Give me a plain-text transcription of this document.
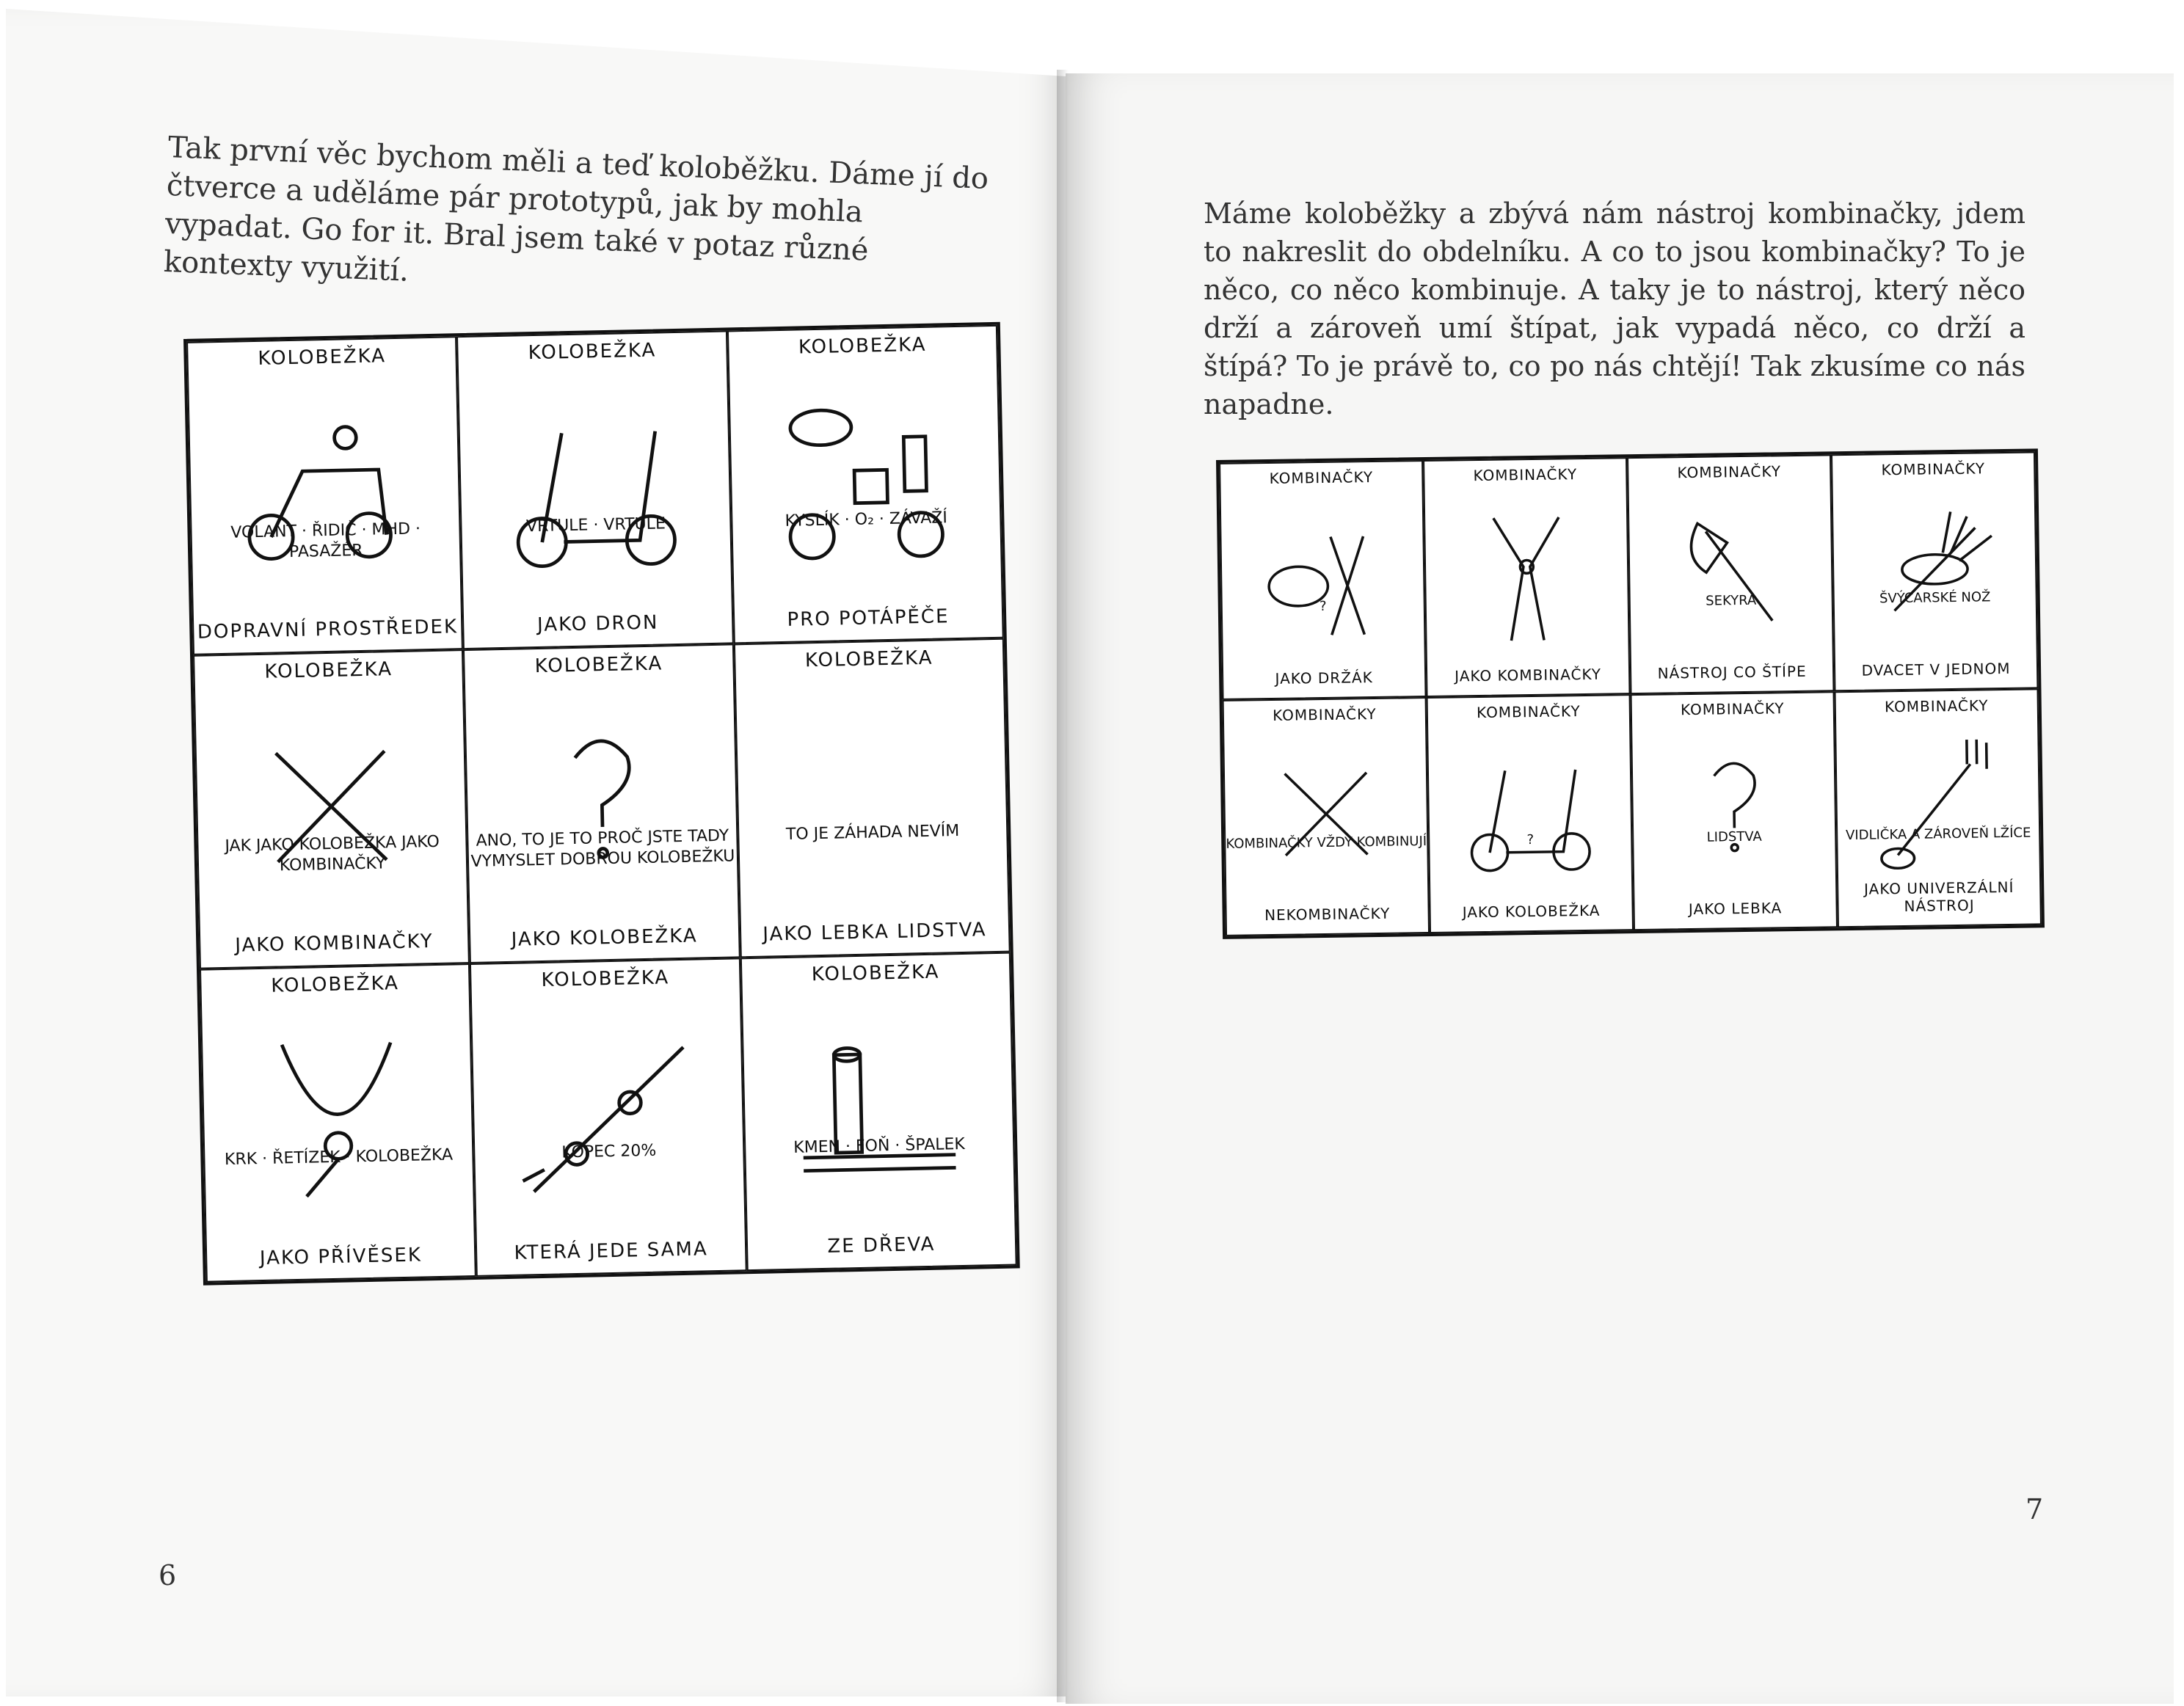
Tak první věc bychom měli a teď koloběžku. Dáme jí do čtverce a uděláme pár prototypů, jak by mohla vypadat. Go for it. Bral jsem také v potaz různé kontexty využití.
Máme koloběžky a zbývá nám nástroj kombinačky, jdem to nakreslit do obdelníku. A co to jsou kombinačky? To je něco, co něco kombinuje. A taky je to nástroj, který něco drží a zároveň umí štípat, jak vypadá něco, co drží a štípá? To je právě to, co po nás chtějí! Tak zkusíme co nás napadne.
KOLOBEŽKA
VOLANT · ŘIDIČ · MHD · PASAŽÉR
DOPRAVNÍ PROSTŘEDEK
KOLOBEŽKA
VRTULE · VRTULE
JAKO DRON
KOLOBEŽKA
KYSLÍK · O₂ · ZÁVAŽÍ
PRO POTÁPĚČE
KOLOBEŽKA
JAK JAKO KOLOBEŽKA JAKO KOMBINAČKY
JAKO KOMBINAČKY
KOLOBEŽKA
ANO, TO JE TO PROČ JSTE TADY VYMYSLET DOBROU KOLOBEŽKU
JAKO KOLOBEŽKA
KOLOBEŽKA
TO JE ZÁHADA NEVÍM
JAKO LEBKA LIDSTVA
KOLOBEŽKA
KRK · ŘETÍZEK · KOLOBEŽKA
JAKO PŘÍVĚSEK
KOLOBEŽKA
KOPEC 20%
KTERÁ JEDE SAMA
KOLOBEŽKA
KMEN · FOŇ · ŠPALEK
ZE DŘEVA
KOMBINAČKY
?
JAKO DRŽÁK
KOMBINAČKY
JAKO KOMBINAČKY
KOMBINAČKY
SEKYRA
NÁSTROJ CO ŠTÍPE
KOMBINAČKY
ŠVÝCARSKÉ NOŽ
DVACET V JEDNOM
KOMBINAČKY
KOMBINAČKY VŽDY KOMBINUJÍ
NEKOMBINAČKY
KOMBINAČKY
?
JAKO KOLOBEŽKA
KOMBINAČKY
LIDSTVA
JAKO LEBKA
KOMBINAČKY
VIDLIČKA A ZÁROVEŇ LŽÍCE
JAKO UNIVERZÁLNÍ NÁSTROJ
6
7
